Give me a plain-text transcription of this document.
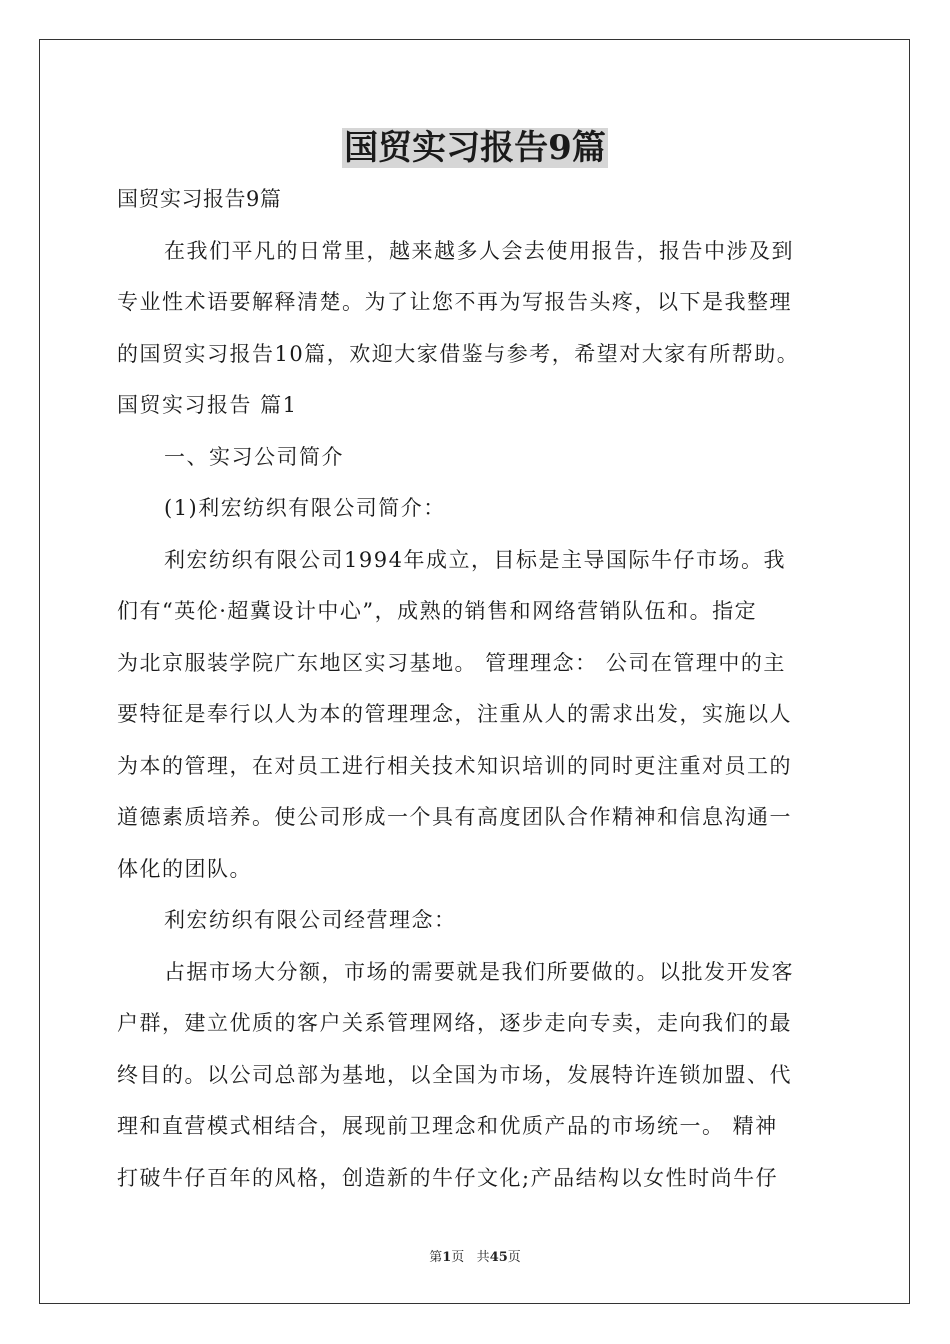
国贸实习报告9篇
国贸实习报告9篇
在我们平凡的日常里，越来越多人会去使用报告，报告中涉及到
专业性术语要解释清楚。为了让您不再为写报告头疼，以下是我整理
的国贸实习报告10篇，欢迎大家借鉴与参考，希望对大家有所帮助。
国贸实习报告 篇1
一、实习公司简介
(1)利宏纺织有限公司简介：
利宏纺织有限公司1994年成立，目标是主导国际牛仔市场。我
们有“英伦·超冀设计中心”，成熟的销售和网络营销队伍和。指定
为北京服装学院广东地区实习基地。 管理理念： 公司在管理中的主
要特征是奉行以人为本的管理理念，注重从人的需求出发，实施以人
为本的管理，在对员工进行相关技术知识培训的同时更注重对员工的
道德素质培养。使公司形成一个具有高度团队合作精神和信息沟通一
体化的团队。
利宏纺织有限公司经营理念：
占据市场大分额，市场的需要就是我们所要做的。以批发开发客
户群，建立优质的客户关系管理网络，逐步走向专卖，走向我们的最
终目的。以公司总部为基地，以全国为市场，发展特许连锁加盟、代
理和直营模式相结合，展现前卫理念和优质产品的市场统一。 精神
打破牛仔百年的风格，创造新的牛仔文化;产品结构以女性时尚牛仔
第1页 共45页
